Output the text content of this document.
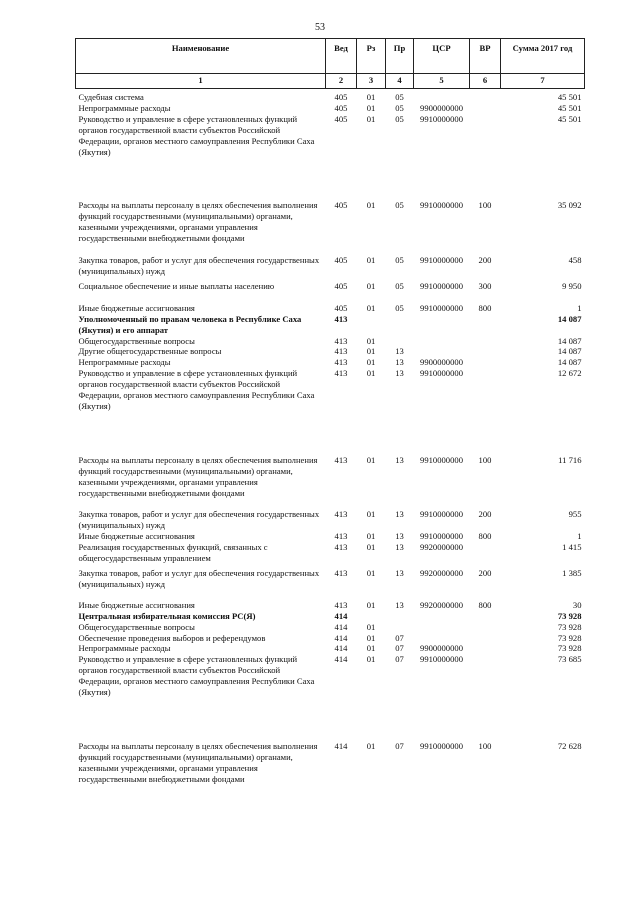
53
Наименование	Вед	Рз	Пр	ЦСР	ВР	Сумма 2017 год
1	2	3	4	5	6	7
Судебная система	405	01	05			45 501
Непрограммные расходы	405	01	05	9900000000		45 501
Руководство и управление в сфере установленных функций органов государственной власти субъектов Российской Федерации, органов местного самоуправления Республики Саха (Якутия)	405	01	05	9910000000		45 501
Расходы на выплаты персоналу в целях обеспечения выполнения функций государственными (муниципальными) органами, казенными учреждениями, органами управления государственными внебюджетными фондами	405	01	05	9910000000	100	35 092
Закупка товаров, работ и услуг для обеспечения государственных (муниципальных) нужд	405	01	05	9910000000	200	458
Социальное обеспечение и иные выплаты населению	405	01	05	9910000000	300	9 950
Иные бюджетные ассигнования	405	01	05	9910000000	800	1
Уполномоченный по правам человека в Республике Саха (Якутия) и его аппарат	413					14 087
Общегосударственные вопросы	413	01				14 087
Другие общегосударственные вопросы	413	01	13			14 087
Непрограммные расходы	413	01	13	9900000000		14 087
Руководство и управление в сфере установленных функций органов государственной власти субъектов Российской Федерации, органов местного самоуправления Республики Саха (Якутия)	413	01	13	9910000000		12 672
Расходы на выплаты персоналу в целях обеспечения выполнения функций государственными (муниципальными) органами, казенными учреждениями, органами управления государственными внебюджетными фондами	413	01	13	9910000000	100	11 716
Закупка товаров, работ и услуг для обеспечения государственных (муниципальных) нужд	413	01	13	9910000000	200	955
Иные бюджетные ассигнования	413	01	13	9910000000	800	1
Реализация государственных функций, связанных с общегосударственным управлением	413	01	13	9920000000		1 415
Закупка товаров, работ и услуг для обеспечения государственных (муниципальных) нужд	413	01	13	9920000000	200	1 385
Иные бюджетные ассигнования	413	01	13	9920000000	800	30
Центральная избирательная комиссия РС(Я)	414					73 928
Общегосударственные вопросы	414	01				73 928
Обеспечение проведения выборов и референдумов	414	01	07			73 928
Непрограммные расходы	414	01	07	9900000000		73 928
Руководство и управление в сфере установленных функций органов государственной власти субъектов Российской Федерации, органов местного самоуправления Республики Саха (Якутия)	414	01	07	9910000000		73 685
Расходы на выплаты персоналу в целях обеспечения выполнения функций государственными (муниципальными) органами, казенными учреждениями, органами управления государственными внебюджетными фондами	414	01	07	9910000000	100	72 628
